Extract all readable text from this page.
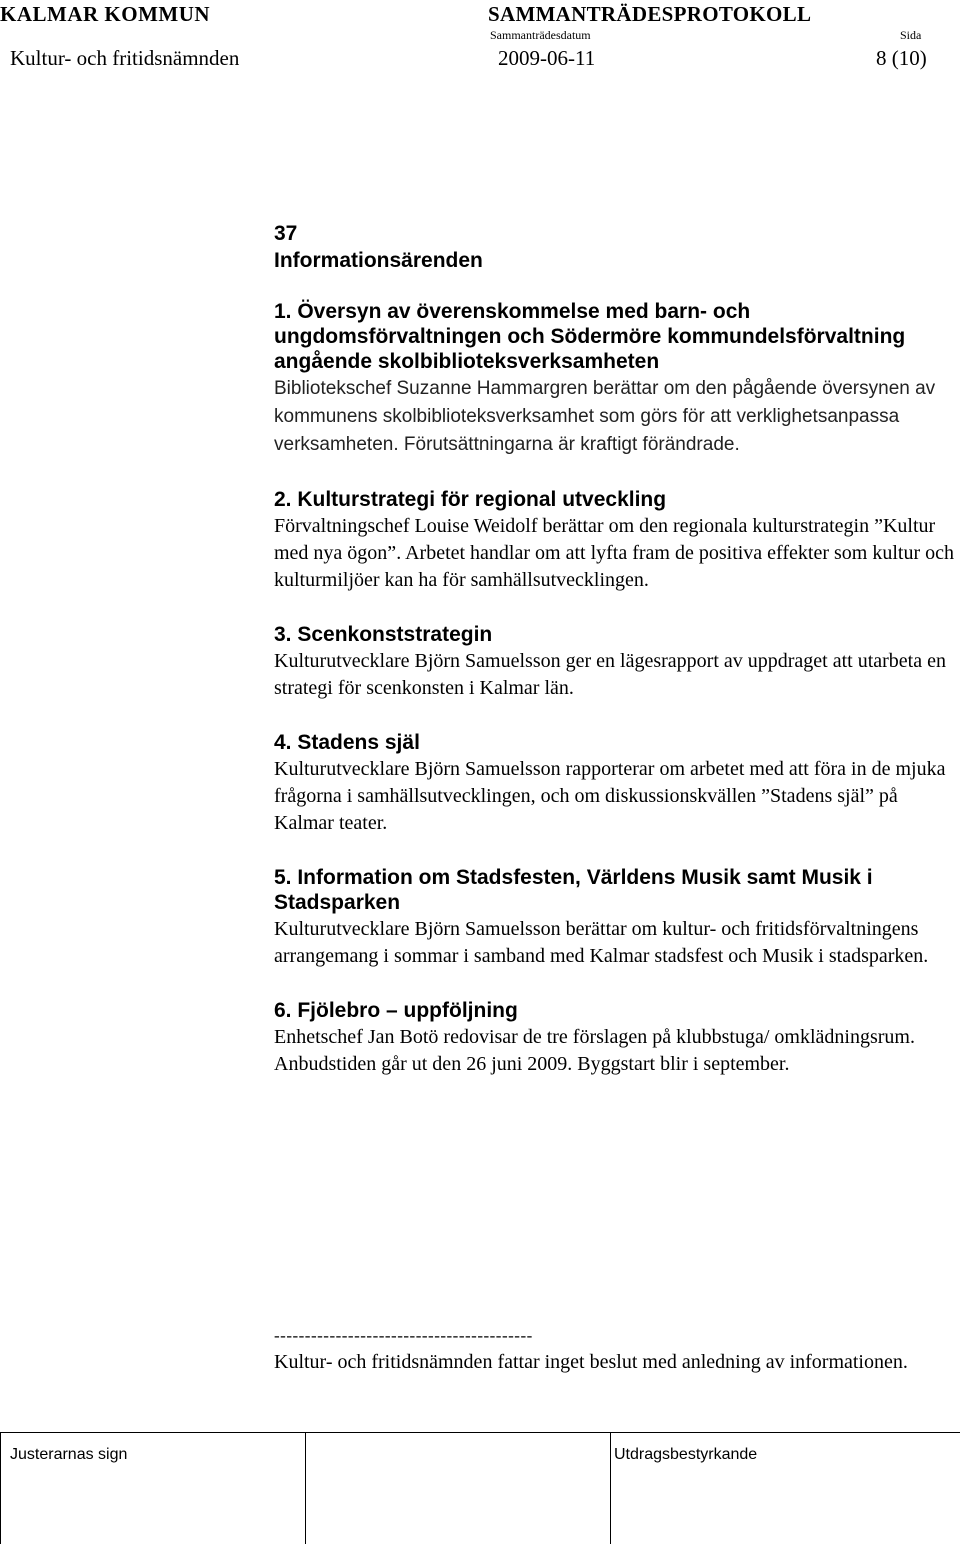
KALMAR KOMMUN	SAMMANTRÄDESPROTOKOLL
Sammanträdesdatum	Sida
Kultur- och fritidsnämnden	2009-06-11	8 (10)
37
Informationsärenden
1. Översyn av överenskommelse med barn- och ungdomsförvaltningen och Södermöre kommundelsförvaltning angående skolbiblioteksverksamheten
Bibliotekschef Suzanne Hammargren berättar om den pågående översynen av kommunens skolbiblioteksverksamhet som görs för att verklighetsanpassa verksamheten. Förutsättningarna är kraftigt förändrade.
2. Kulturstrategi för regional utveckling
Förvaltningschef Louise Weidolf berättar om den regionala kulturstrategin ”Kultur med nya ögon”. Arbetet handlar om att lyfta fram de positiva effekter som kultur och kulturmiljöer kan ha för samhällsutvecklingen.
3. Scenkonststrategin
Kulturutvecklare Björn Samuelsson ger en lägesrapport av uppdraget att utarbeta en strategi för scenkonsten i Kalmar län.
4. Stadens själ
Kulturutvecklare Björn Samuelsson rapporterar om arbetet med att föra in de mjuka frågorna i samhällsutvecklingen, och om diskussionskvällen ”Stadens själ” på Kalmar teater.
5. Information om Stadsfesten, Världens Musik samt Musik i Stadsparken
Kulturutvecklare Björn Samuelsson berättar om kultur- och fritidsförvaltningens arrangemang i sommar i samband med Kalmar stadsfest och Musik i stadsparken.
6. Fjölebro – uppföljning
Enhetschef Jan Botö redovisar de tre förslagen på klubbstuga/ omklädningsrum. Anbudstiden går ut den 26 juni 2009. Byggstart blir i september.
------------------------------------------
Kultur- och fritidsnämnden fattar inget beslut med anledning av informationen.
Justerarnas sign	Utdragsbestyrkande
